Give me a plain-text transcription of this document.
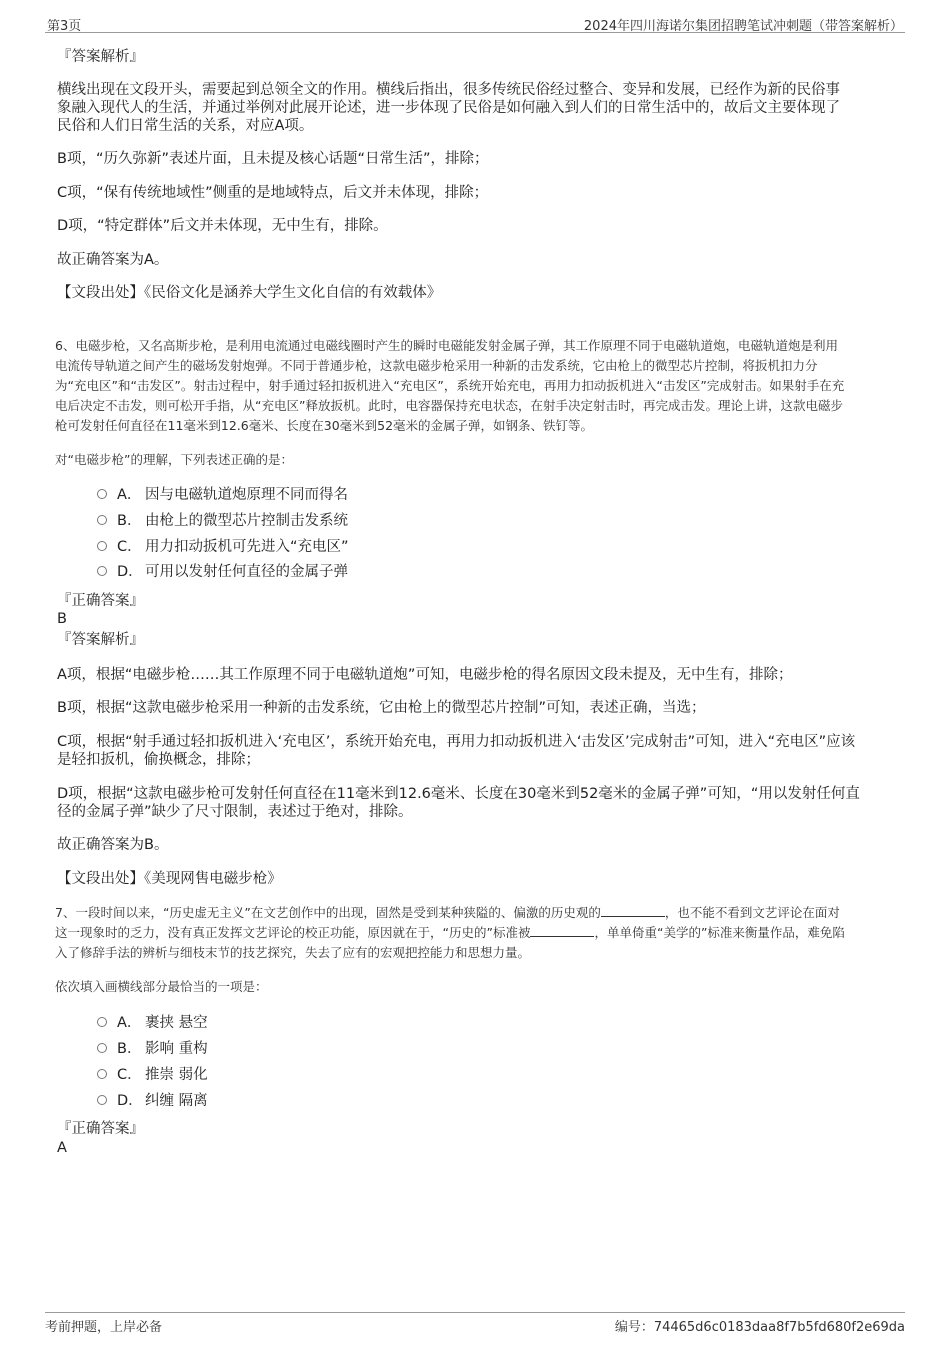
第3页	2024年四川海诺尔集团招聘笔试冲刺题（带答案解析）
『答案解析』
横线出现在文段开头，需要起到总领全文的作用。横线后指出，很多传统民俗经过整合、变异和发展，已经作为新的民俗事
象融入现代人的生活，并通过举例对此展开论述，进一步体现了民俗是如何融入到人们的日常生活中的，故后文主要体现了
民俗和人们日常生活的关系，对应A项。
B项，“历久弥新”表述片面，且未提及核心话题“日常生活”，排除；
C项，“保有传统地域性”侧重的是地域特点，后文并未体现，排除；
D项，“特定群体”后文并未体现，无中生有，排除。
故正确答案为A。
【文段出处】《民俗文化是涵养大学生文化自信的有效载体》
6、电磁步枪，又名高斯步枪，是利用电流通过电磁线圈时产生的瞬时电磁能发射金属子弹，其工作原理不同于电磁轨道炮，电磁轨道炮是利用
电流传导轨道之间产生的磁场发射炮弹。不同于普通步枪，这款电磁步枪采用一种新的击发系统，它由枪上的微型芯片控制，将扳机扣力分
为“充电区”和“击发区”。射击过程中，射手通过轻扣扳机进入“充电区”，系统开始充电，再用力扣动扳机进入“击发区”完成射击。如果射手在充
电后决定不击发，则可松开手指，从“充电区”释放扳机。此时，电容器保持充电状态，在射手决定射击时，再完成击发。理论上讲，这款电磁步
枪可发射任何直径在11毫米到12.6毫米、长度在30毫米到52毫米的金属子弹，如钢条、铁钉等。
对“电磁步枪”的理解，下列表述正确的是：
A． 因与电磁轨道炮原理不同而得名
B． 由枪上的微型芯片控制击发系统
C． 用力扣动扳机可先进入“充电区”
D． 可用以发射任何直径的金属子弹
『正确答案』
B
『答案解析』
A项，根据“电磁步枪……其工作原理不同于电磁轨道炮”可知，电磁步枪的得名原因文段未提及，无中生有，排除；
B项，根据“这款电磁步枪采用一种新的击发系统，它由枪上的微型芯片控制”可知，表述正确，当选；
C项，根据“射手通过轻扣扳机进入‘充电区’，系统开始充电，再用力扣动扳机进入‘击发区’完成射击”可知，进入“充电区”应该
是轻扣扳机，偷换概念，排除；
D项，根据“这款电磁步枪可发射任何直径在11毫米到12.6毫米、长度在30毫米到52毫米的金属子弹”可知，“用以发射任何直
径的金属子弹”缺少了尺寸限制，表述过于绝对，排除。
故正确答案为B。
【文段出处】《美现网售电磁步枪》
7、一段时间以来，“历史虚无主义”在文艺创作中的出现，固然是受到某种狭隘的、偏激的历史观的	，也不能不看到文艺评论在面对
这一现象时的乏力，没有真正发挥文艺评论的校正功能，原因就在于，“历史的”标准被	，单单倚重“美学的”标准来衡量作品，难免陷
入了修辞手法的辨析与细枝末节的技艺探究，失去了应有的宏观把控能力和思想力量。
依次填入画横线部分最恰当的一项是：
A． 裹挟 悬空
B． 影响 重构
C． 推崇 弱化
D． 纠缠 隔离
『正确答案』
A
考前押题，上岸必备	编号：74465d6c0183daa8f7b5fd680f2e69da
